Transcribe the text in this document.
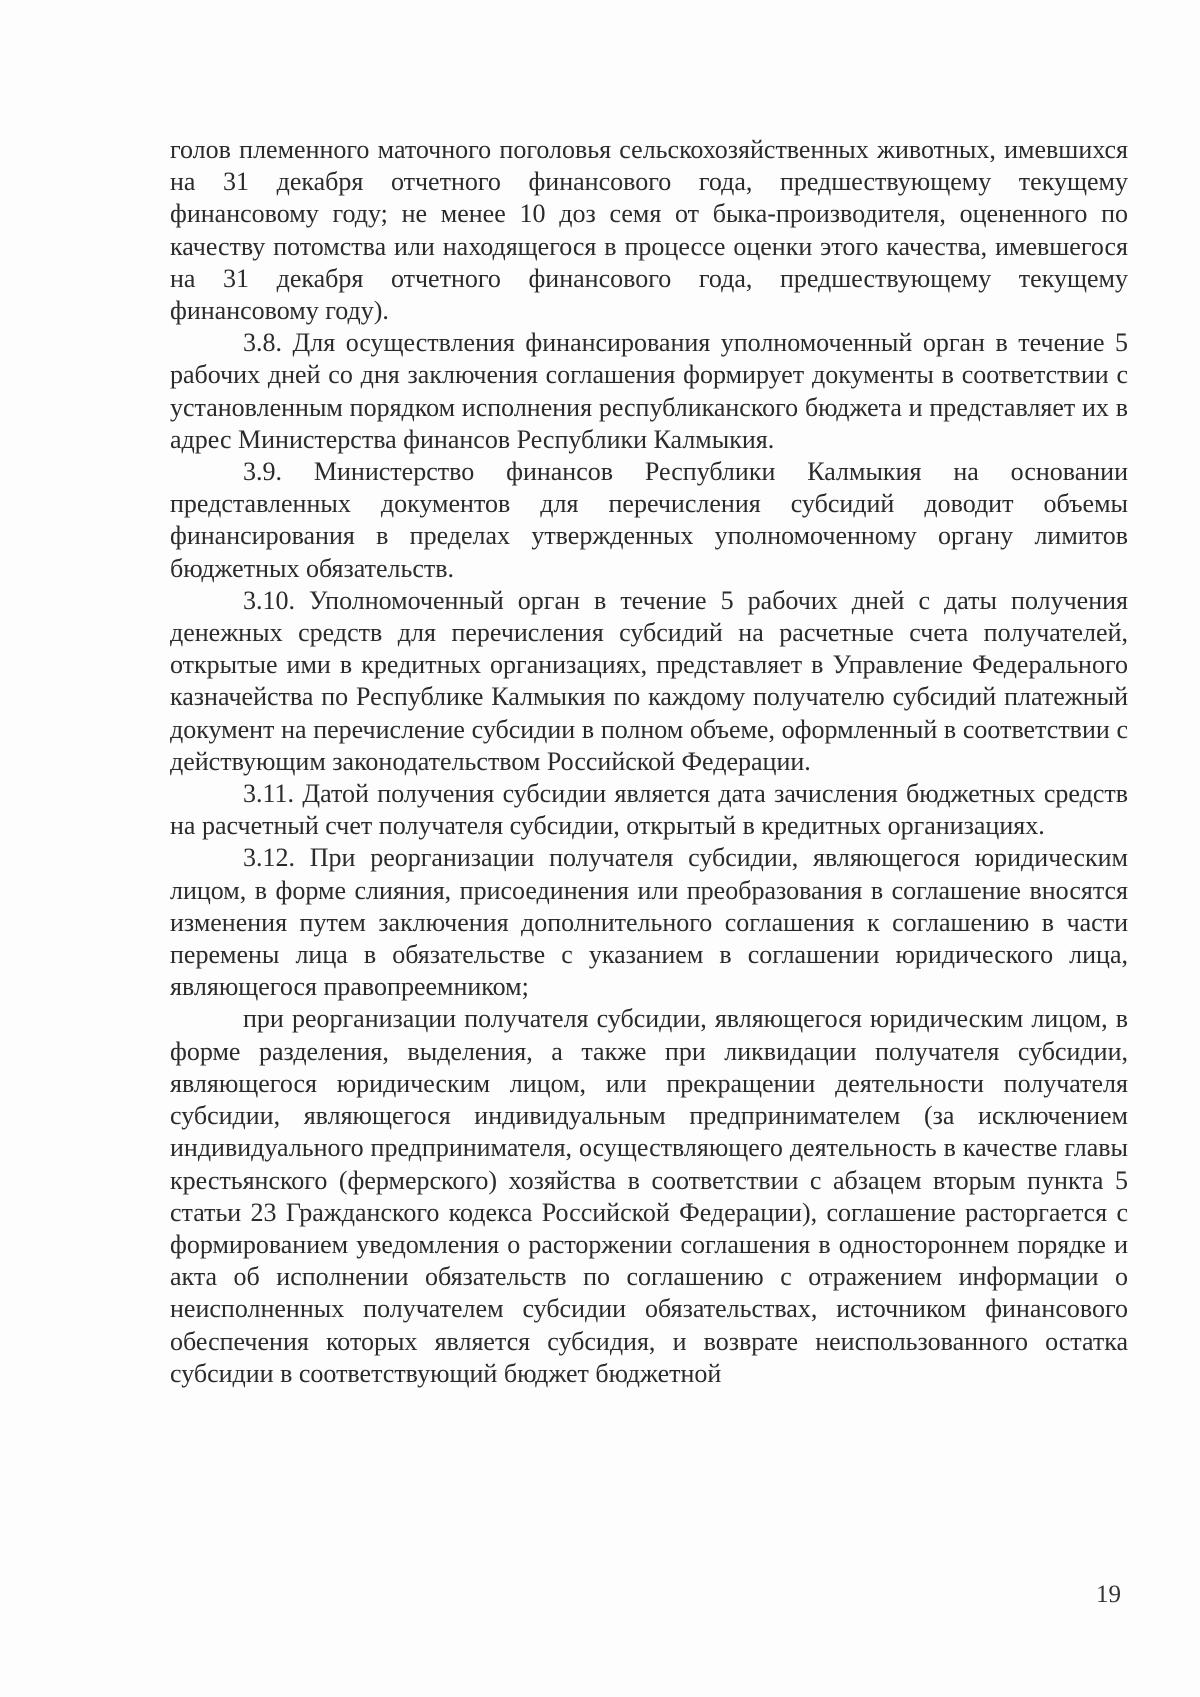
голов племенного маточного поголовья сельскохозяйственных животных, имевшихся на 31 декабря отчетного финансового года, предшествующему текущему финансовому году; не менее 10 доз семя от быка-производителя, оцененного по качеству потомства или находящегося в процессе оценки этого качества, имевшегося на 31 декабря отчетного финансового года, предшествующему текущему финансовому году).

3.8. Для осуществления финансирования уполномоченный орган в течение 5 рабочих дней со дня заключения соглашения формирует документы в соответствии с установленным порядком исполнения республиканского бюджета и представляет их в адрес Министерства финансов Республики Калмыкия.

3.9. Министерство финансов Республики Калмыкия на основании представленных документов для перечисления субсидий доводит объемы финансирования в пределах утвержденных уполномоченному органу лимитов бюджетных обязательств.

3.10. Уполномоченный орган в течение 5 рабочих дней с даты получения денежных средств для перечисления субсидий на расчетные счета получателей, открытые ими в кредитных организациях, представляет в Управление Федерального казначейства по Республике Калмыкия по каждому получателю субсидий платежный документ на перечисление субсидии в полном объеме, оформленный в соответствии с действующим законодательством Российской Федерации.

3.11. Датой получения субсидии является дата зачисления бюджетных средств на расчетный счет получателя субсидии, открытый в кредитных организациях.

3.12. При реорганизации получателя субсидии, являющегося юридическим лицом, в форме слияния, присоединения или преобразования в соглашение вносятся изменения путем заключения дополнительного соглашения к соглашению в части перемены лица в обязательстве с указанием в соглашении юридического лица, являющегося правопреемником;

при реорганизации получателя субсидии, являющегося юридическим лицом, в форме разделения, выделения, а также при ликвидации получателя субсидии, являющегося юридическим лицом, или прекращении деятельности получателя субсидии, являющегося индивидуальным предпринимателем (за исключением индивидуального предпринимателя, осуществляющего деятельность в качестве главы крестьянского (фермерского) хозяйства в соответствии с абзацем вторым пункта 5 статьи 23 Гражданского кодекса Российской Федерации), соглашение расторгается с формированием уведомления о расторжении соглашения в одностороннем порядке и акта об исполнении обязательств по соглашению с отражением информации о неисполненных получателем субсидии обязательствах, источником финансового обеспечения которых является субсидия, и возврате неиспользованного остатка субсидии в соответствующий бюджет бюджетной

19
